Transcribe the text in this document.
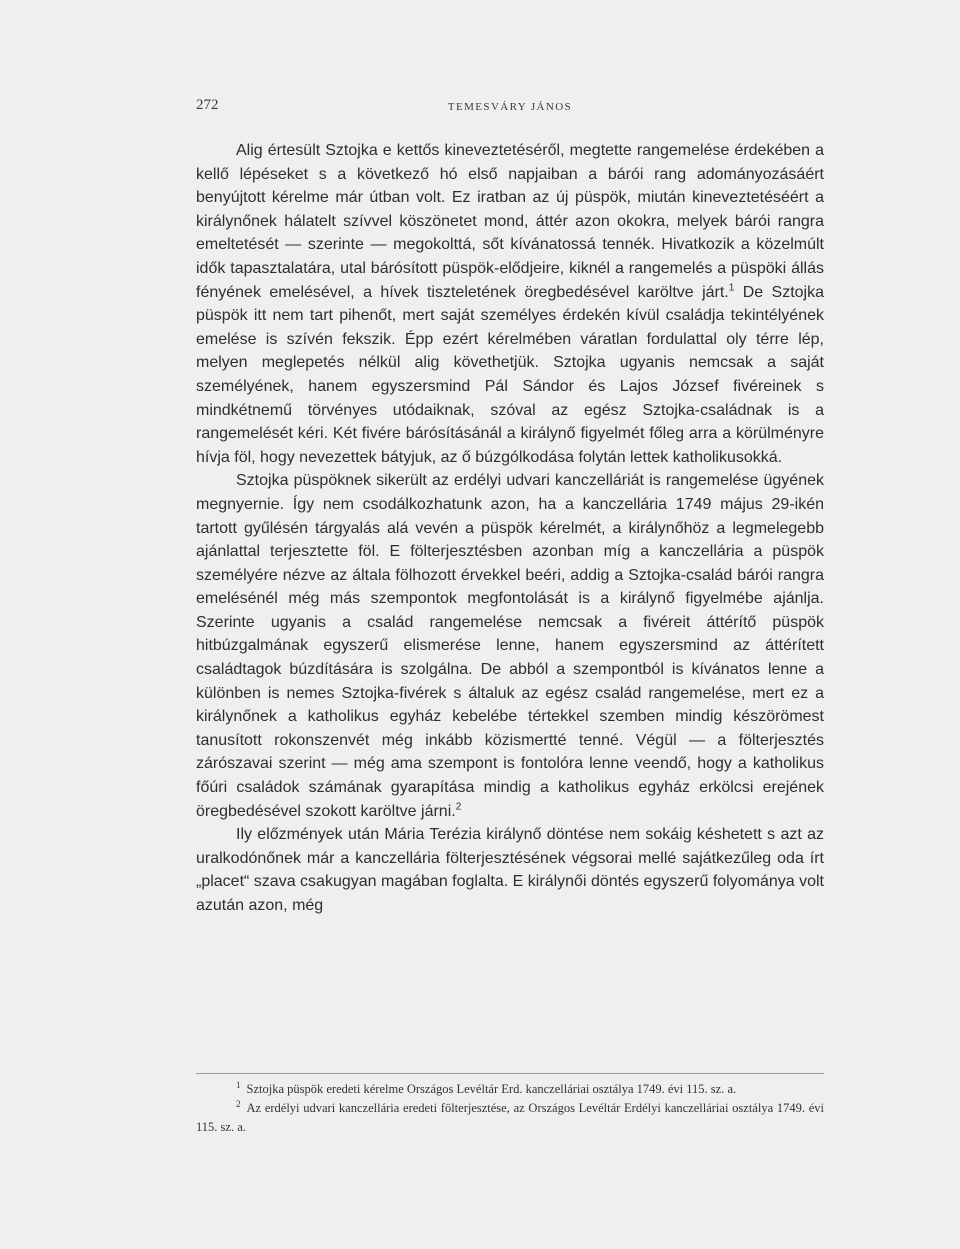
272	TEMESVÁRY JÁNOS

Alig értesült Sztojka e kettős kineveztetéséről, megtette rangemelése érdekében a kellő lépéseket s a következő hó első napjaiban a bárói rang adományozásáért benyújtott kérelme már útban volt. Ez iratban az új püspök, miután kineveztetéséért a királynőnek hálatelt szívvel köszönetet mond, áttér azon okokra, melyek bárói rangra emeltetését — szerinte — megokolttá, sőt kívánatossá tennék. Hivatkozik a közelmúlt idők tapasztalatára, utal bárósított püspök-elődjeire, kiknél a rangemelés a püspöki állás fényének emelésével, a hívek tiszteletének öregbedésével karöltve járt.$^1$ De Sztojka püspök itt nem tart pihenőt, mert saját személyes érdekén kívül családja tekintélyének emelése is szívén fekszik. Épp ezért kérelmében váratlan fordulattal oly térre lép, melyen meglepetés nélkül alig követhetjük. Sztojka ugyanis nemcsak a saját személyének, hanem egyszersmind Pál Sándor és Lajos József fivéreinek s mindkétnemű törvényes utódaiknak, szóval az egész Sztojka-családnak is a rangemelését kéri. Két fivére bárósításánál a királynő figyelmét főleg arra a körülményre hívja föl, hogy nevezettek bátyjuk, az ő búzgólkodása folytán lettek katholikusokká.

Sztojka püspöknek sikerült az erdélyi udvari kanczelláriát is rangemelése ügyének megnyernie. Így nem csodálkozhatunk azon, ha a kanczellária 1749 május 29-ikén tartott gyűlésén tárgyalás alá vevén a püspök kérelmét, a királynőhöz a legmelegebb ajánlattal terjesztette föl. E fölterjesztésben azonban míg a kanczellária a püspök személyére nézve az általa fölhozott érvekkel beéri, addig a Sztojka-család bárói rangra emelésénél még más szempontok megfontolását is a királynő figyelmébe ajánlja. Szerinte ugyanis a család rangemelése nemcsak a fivéreit áttérítő püspök hitbúzgalmának egyszerű elismerése lenne, hanem egyszersmind az áttérített családtagok búzdítására is szolgálna. De abból a szempontból is kívánatos lenne a különben is nemes Sztojka-fivérek s általuk az egész család rangemelése, mert ez a királynőnek a katholikus egyház kebelébe tértekkel szemben mindig készörömest tanusított rokonszenvét még inkább közismertté tenné. Végül — a fölterjesztés zárószavai szerint — még ama szempont is fontolóra lenne veendő, hogy a katholikus főúri családok számának gyarapítása mindig a katholikus egyház erkölcsi erejének öregbedésével szokott karöltve járni.$^2$

Ily előzmények után Mária Terézia királynő döntése nem sokáig késhetett s azt az uralkodónőnek már a kanczellária fölterjesztésének végsorai mellé sajátkezűleg oda írt „placet“ szava csakugyan magában foglalta. E királynői döntés egyszerű folyománya volt azután azon, még

$^1$ Sztojka püspök eredeti kérelme Országos Levéltár Erd. kanczelláriai osztálya 1749. évi 115. sz. a.

$^2$ Az erdélyi udvari kanczellária eredeti fölterjesztése, az Országos Levéltár Erdélyi kanczelláriai osztálya 1749. évi 115. sz. a.
